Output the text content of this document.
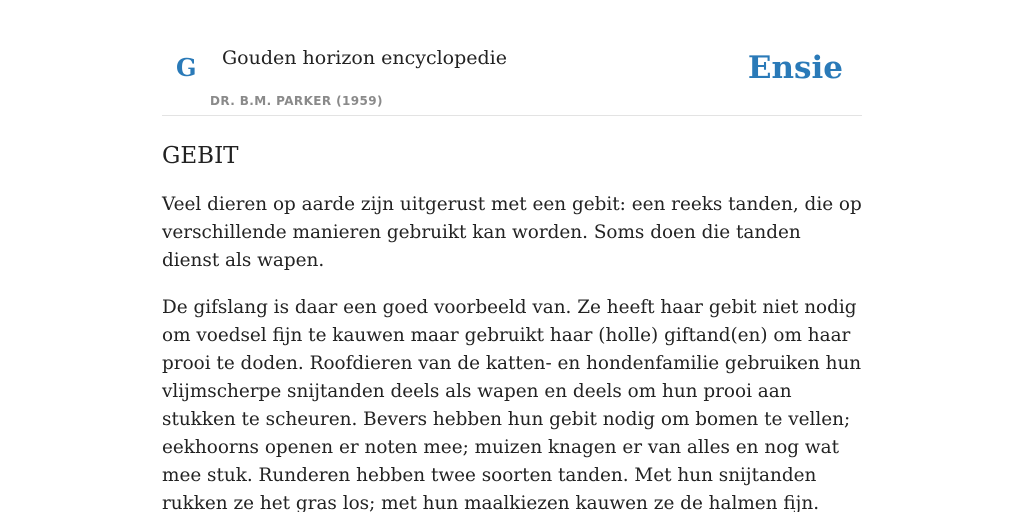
G Gouden horizon encyclopedie
DR. B.M. PARKER (1959)
Ensie
GEBIT

Veel dieren op aarde zijn uitgerust met een gebit: een reeks tanden, die op verschillende manieren gebruikt kan worden. Soms doen die tanden dienst als wapen.

De gifslang is daar een goed voorbeeld van. Ze heeft haar gebit niet nodig om voedsel fijn te kauwen maar gebruikt haar (holle) giftand(en) om haar prooi te doden. Roofdieren van de katten- en hondenfamilie gebruiken hun vlijmscherpe snijtanden deels als wapen en deels om hun prooi aan stukken te scheuren. Bevers hebben hun gebit nodig om bomen te vellen; eekhoorns openen er noten mee; muizen knagen er van alles en nog wat mee stuk. Runderen hebben twee soorten tanden. Met hun snijtanden rukken ze het gras los; met hun maalkiezen kauwen ze de halmen fijn.
